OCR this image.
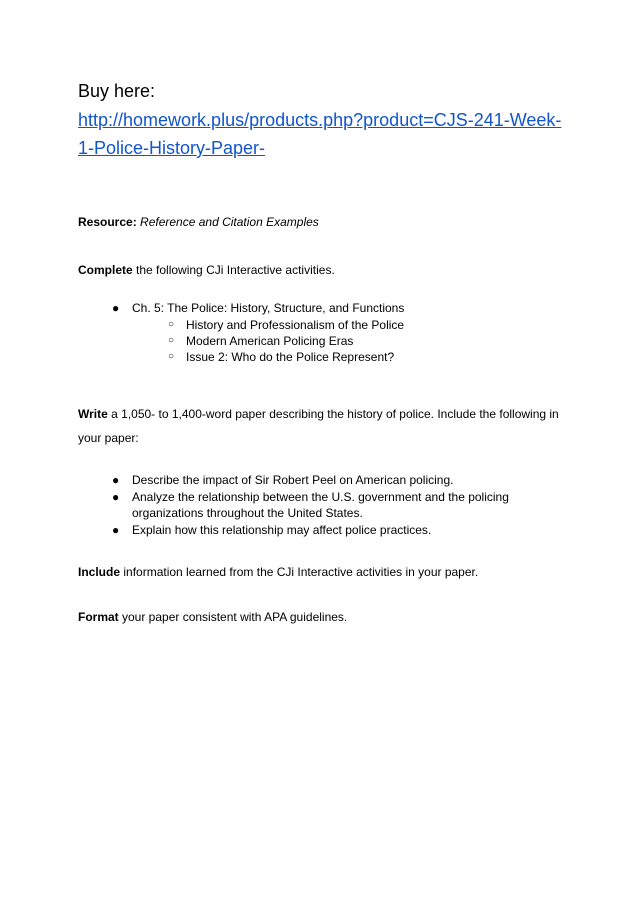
Buy here:

http://homework.plus/products.php?product=CJS-241-Week-1-Police-History-Paper-

Resource: Reference and Citation Examples

Complete the following CJi Interactive activities.

● Ch. 5: The Police: History, Structure, and Functions
○ History and Professionalism of the Police
○ Modern American Policing Eras
○ Issue 2: Who do the Police Represent?

Write a 1,050- to 1,400-word paper describing the history of police. Include the following in your paper:

● Describe the impact of Sir Robert Peel on American policing.
● Analyze the relationship between the U.S. government and the policing organizations throughout the United States.
● Explain how this relationship may affect police practices.

Include information learned from the CJi Interactive activities in your paper.

Format your paper consistent with APA guidelines.
